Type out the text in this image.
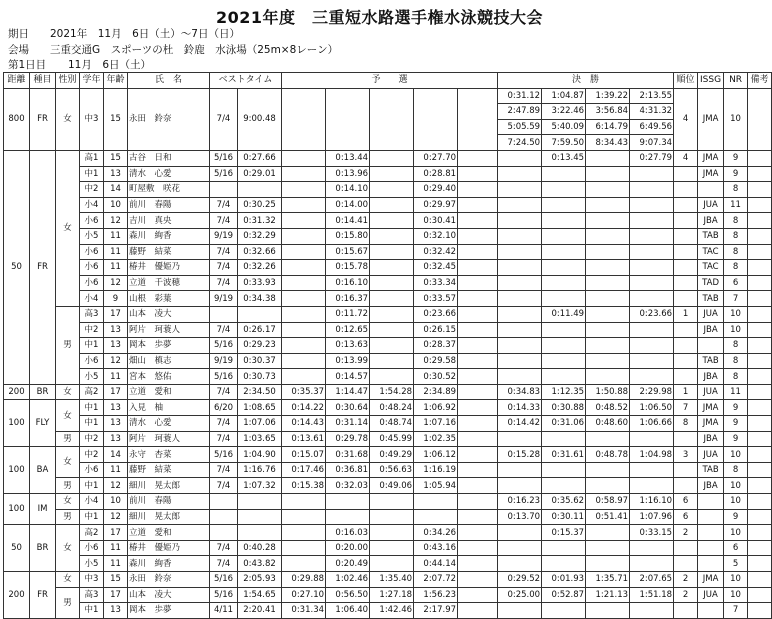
2021年度　三重短水路選手権水泳競技大会
期日 2021年　11月　6日（土）～7日（日）
会場 三重交通G　スポーツの杜　鈴鹿　水泳場（25m×8レーン）
第1日目 11月　6日（土）
距離	種目	性別	学年	年齢	氏　名	ベストタイム		予　　選					決　勝				順位	ISSG	NR	備考
800	FR	女	中3	15	永田　鈴奈	7/4	9:00.48						0:31.12	1:04.87	1:39.22	2:13.55	4	JMA	10	
													2:47.89	3:22.46	3:56.84	4:31.32				
													5:05.59	5:40.09	6:14.79	6:49.56				
													7:24.50	7:59.50	8:34.43	9:07.34				
50	FR	女	高1	15	古谷　日和	5/16	0:27.66		0:13.44		0:27.70			0:13.45		0:27.79	4	JMA	9	
			中1	13	清水　心愛	5/16	0:29.01		0:13.96		0:28.81							JMA	9	
			中2	14	町屋敷　咲花				0:14.10		0:29.40								8	
			小4	10	前川　春陽	7/4	0:30.25		0:14.00		0:29.97							JUA	11	
			小6	12	吉川　真央	7/4	0:31.32		0:14.41		0:30.41							JBA	8	
			小5	11	森川　絢香	9/19	0:32.29		0:15.80		0:32.10							TAB	8	
			小6	11	藤野　結菜	7/4	0:32.66		0:15.67		0:32.42							TAC	8	
			小6	11	椿井　優姫乃	7/4	0:32.26		0:15.78		0:32.45							TAC	8	
			小6	12	立道　千波穂	7/4	0:33.93		0:16.10		0:33.34							TAD	6	
			小4	9	山根　彩葉	9/19	0:34.38		0:16.37		0:33.57							TAB	7	
		男	高3	17	山本　凌大				0:11.72		0:23.66			0:11.49		0:23.66	1	JUA	10	
			中2	13	阿片　珂蓑人	7/4	0:26.17		0:12.65		0:26.15							JBA	10	
			中1	13	岡本　歩夢	5/16	0:29.23		0:13.63		0:28.37								8	
			小6	12	畑山　槙志	9/19	0:30.37		0:13.99		0:29.58							TAB	8	
			小5	11	宮本　悠佑	5/16	0:30.73		0:14.57		0:30.52							JBA	8	
200	BR	女	高2	17	立道　愛和	7/4	2:34.50	0:35.37	1:14.47	1:54.28	2:34.89		0:34.83	1:12.35	1:50.88	2:29.98	1	JUA	11	
100	FLY	女	中1	13	入見　柚	6/20	1:08.65	0:14.22	0:30.64	0:48.24	1:06.92		0:14.33	0:30.88	0:48.52	1:06.50	7	JMA	9	
			中1	13	清水　心愛	7/4	1:07.06	0:14.43	0:31.14	0:48.74	1:07.16		0:14.42	0:31.06	0:48.60	1:06.66	8	JMA	9	
		男	中2	13	阿片　珂蓑人	7/4	1:03.65	0:13.61	0:29.78	0:45.99	1:02.35							JBA	9	
100	BA	女	中2	14	永守　杏菜	5/16	1:04.90	0:15.07	0:31.68	0:49.29	1:06.12		0:15.28	0:31.61	0:48.78	1:04.98	3	JUA	10	
			小6	11	藤野　結菜	7/4	1:16.76	0:17.46	0:36.81	0:56.63	1:16.19							TAB	8	
		男	中1	12	細川　晃太郎	7/4	1:07.32	0:15.38	0:32.03	0:49.06	1:05.94							JBA	10	
100	IM	女	小4	10	前川　春陽								0:16.23	0:35.62	0:58.97	1:16.10	6		10	
		男	中1	12	細川　晃太郎								0:13.70	0:30.11	0:51.41	1:07.96	6		9	
50	BR	女	高2	17	立道　愛和				0:16.03		0:34.26			0:15.37		0:33.15	2		10	
			小6	11	椿井　優姫乃	7/4	0:40.28		0:20.00		0:43.16								6	
			小5	11	森川　絢香	7/4	0:43.82		0:20.49		0:44.14								5	
200	FR	女	中3	15	永田　鈴奈	5/16	2:05.93	0:29.88	1:02.46	1:35.40	2:07.72		0:29.52	0:01.93	1:35.71	2:07.65	2	JMA	10	
		男	高3	17	山本　凌大	5/16	1:54.65	0:27.10	0:56.50	1:27.18	1:56.23		0:25.00	0:52.87	1:21.13	1:51.18	2	JUA	10	
			中1	13	岡本　歩夢	4/11	2:20.41	0:31.34	1:06.40	1:42.46	2:17.97								7	
